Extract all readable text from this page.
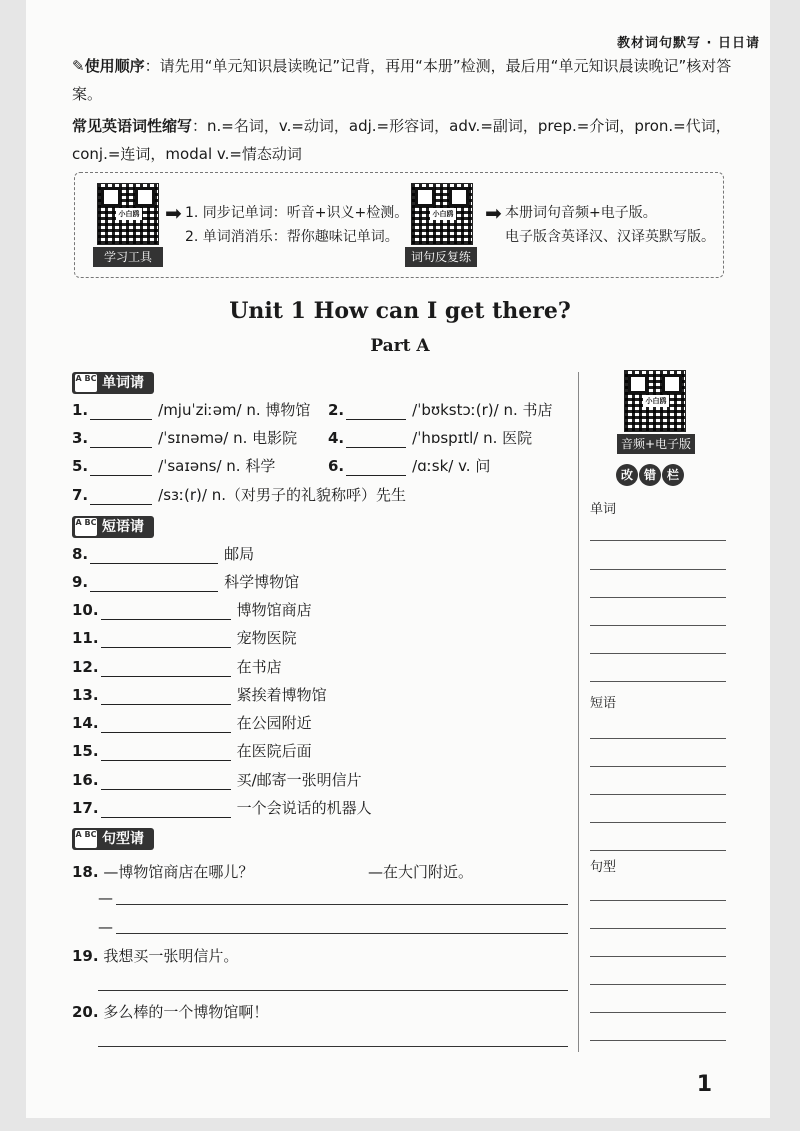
教材词句默写 · 日日请
✎使用顺序：请先用“单元知识晨读晚记”记背，再用“本册”检测，最后用“单元知识晨读晚记”核对答案。
常见英语词性缩写：n.=名词，v.=动词，adj.=形容词，adv.=副词，prep.=介词，pron.=代词，conj.=连词，modal v.=情态动词
小白鸥
学习工具
➡ 1. 同步记单词：听音+识义+检测。
2. 单词消消乐：帮你趣味记单词。
小白鸥
词句反复练
➡ 本册词句音频+电子版。
电子版含英译汉、汉译英默写版。
Unit 1 How can I get there?
Part A
A BC 单词请
1.	/mjuˈziːəm/ n. 博物馆 2.	/ˈbʊkstɔː(r)/ n. 书店
3.	/ˈsɪnəmə/ n. 电影院 4.	/ˈhɒspɪtl/ n. 医院
5.	/ˈsaɪəns/ n. 科学	6.	/ɑːsk/ v. 问
7.	/sɜː(r)/ n.（对男子的礼貌称呼）先生
A BC 短语请
8.	邮局
9.	科学博物馆
10.	博物馆商店
11.	宠物医院
12.	在书店
13.	紧挨着博物馆
14.	在公园附近
15.	在医院后面
16.	买/邮寄一张明信片
17.	一个会说话的机器人
A BC 句型请
18. —博物馆商店在哪儿？	—在大门附近。
—
—
19. 我想买一张明信片。
20. 多么棒的一个博物馆啊！
小白鸥
音频+电子版
改 错 栏
单词
短语
句型
1
